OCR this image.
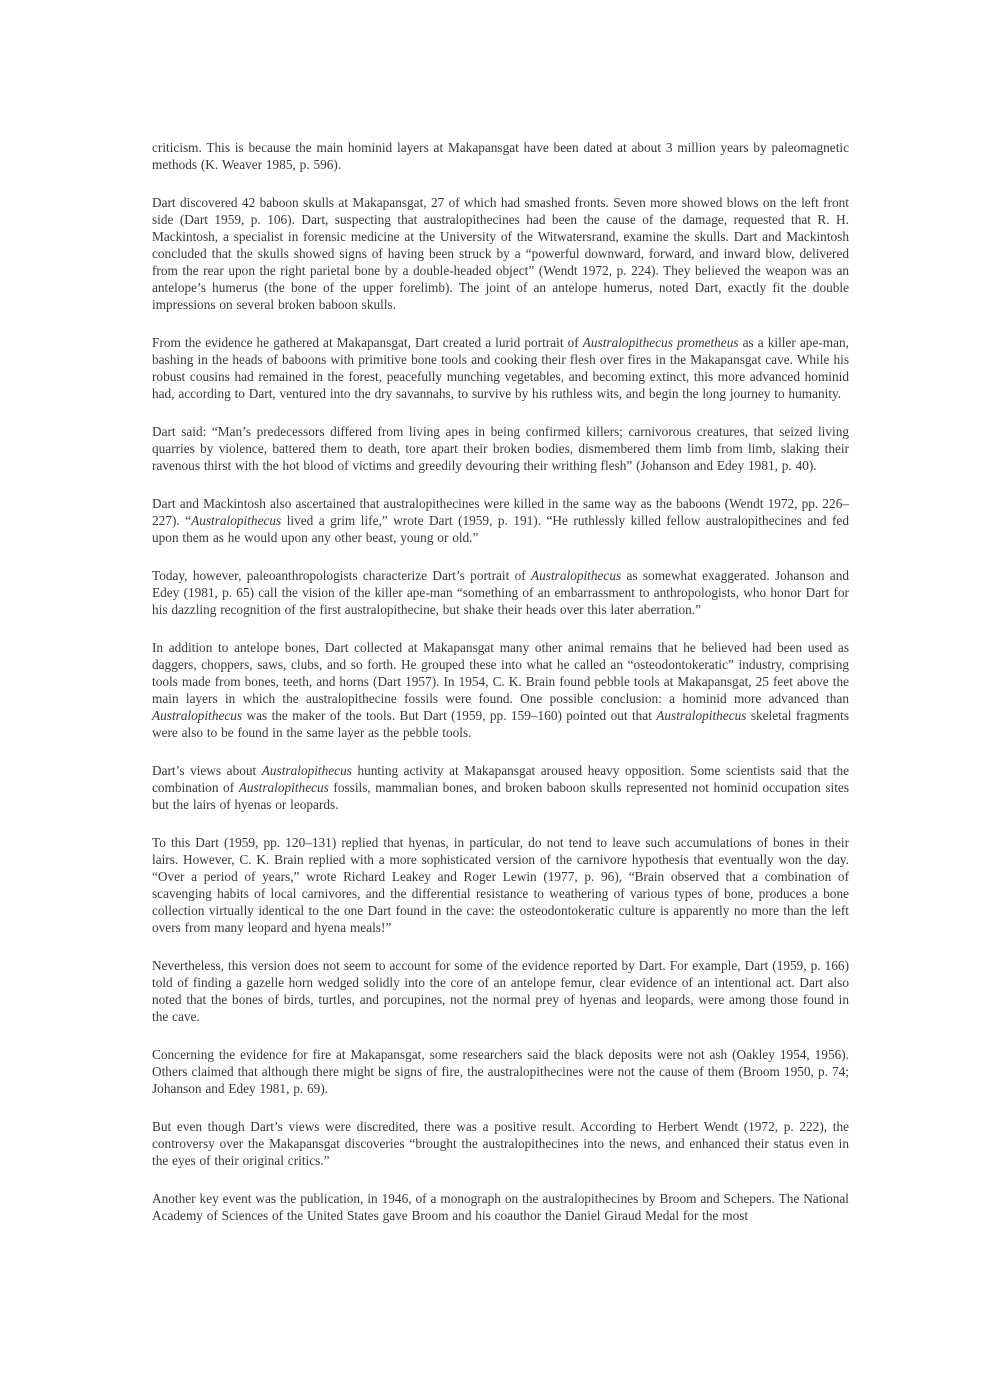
criticism. This is because the main hominid layers at Makapansgat have been dated at about 3 million years by paleomagnetic methods (K. Weaver 1985, p. 596).

Dart discovered 42 baboon skulls at Makapansgat, 27 of which had smashed fronts. Seven more showed blows on the left front side (Dart 1959, p. 106). Dart, suspecting that australopithecines had been the cause of the damage, requested that R. H. Mackintosh, a specialist in forensic medicine at the University of the Witwatersrand, examine the skulls. Dart and Mackintosh concluded that the skulls showed signs of having been struck by a “powerful downward, forward, and inward blow, delivered from the rear upon the right parietal bone by a double-headed object” (Wendt 1972, p. 224). They believed the weapon was an antelope’s humerus (the bone of the upper forelimb). The joint of an antelope humerus, noted Dart, exactly fit the double impressions on several broken baboon skulls.

From the evidence he gathered at Makapansgat, Dart created a lurid portrait of Australopithecus prometheus as a killer ape-man, bashing in the heads of baboons with primitive bone tools and cooking their flesh over fires in the Makapansgat cave. While his robust cousins had remained in the forest, peacefully munching vegetables, and becoming extinct, this more advanced hominid had, according to Dart, ventured into the dry savannahs, to survive by his ruthless wits, and begin the long journey to humanity.

Dart said: “Man’s predecessors differed from living apes in being confirmed killers; carnivorous creatures, that seized living quarries by violence, battered them to death, tore apart their broken bodies, dismembered them limb from limb, slaking their ravenous thirst with the hot blood of victims and greedily devouring their writhing flesh” (Johanson and Edey 1981, p. 40).

Dart and Mackintosh also ascertained that australopithecines were killed in the same way as the baboons (Wendt 1972, pp. 226–227). “Australopithecus lived a grim life,” wrote Dart (1959, p. 191). “He ruthlessly killed fellow australopithecines and fed upon them as he would upon any other beast, young or old.”

Today, however, paleoanthropologists characterize Dart’s portrait of Australopithecus as somewhat exaggerated. Johanson and Edey (1981, p. 65) call the vision of the killer ape-man “something of an embarrassment to anthropologists, who honor Dart for his dazzling recognition of the first australopithecine, but shake their heads over this later aberration.”

In addition to antelope bones, Dart collected at Makapansgat many other animal remains that he believed had been used as daggers, choppers, saws, clubs, and so forth. He grouped these into what he called an “osteodontokeratic” industry, comprising tools made from bones, teeth, and horns (Dart 1957). In 1954, C. K. Brain found pebble tools at Makapansgat, 25 feet above the main layers in which the australopithecine fossils were found. One possible conclusion: a hominid more advanced than Australopithecus was the maker of the tools. But Dart (1959, pp. 159–160) pointed out that Australopithecus skeletal fragments were also to be found in the same layer as the pebble tools.

Dart’s views about Australopithecus hunting activity at Makapansgat aroused heavy opposition. Some scientists said that the combination of Australopithecus fossils, mammalian bones, and broken baboon skulls represented not hominid occupation sites but the lairs of hyenas or leopards.

To this Dart (1959, pp. 120–131) replied that hyenas, in particular, do not tend to leave such accumulations of bones in their lairs. However, C. K. Brain replied with a more sophisticated version of the carnivore hypothesis that eventually won the day. “Over a period of years,” wrote Richard Leakey and Roger Lewin (1977, p. 96), “Brain observed that a combination of scavenging habits of local carnivores, and the differential resistance to weathering of various types of bone, produces a bone collection virtually identical to the one Dart found in the cave: the osteodontokeratic culture is apparently no more than the left overs from many leopard and hyena meals!”

Nevertheless, this version does not seem to account for some of the evidence reported by Dart. For example, Dart (1959, p. 166) told of finding a gazelle horn wedged solidly into the core of an antelope femur, clear evidence of an intentional act. Dart also noted that the bones of birds, turtles, and porcupines, not the normal prey of hyenas and leopards, were among those found in the cave.

Concerning the evidence for fire at Makapansgat, some researchers said the black deposits were not ash (Oakley 1954, 1956). Others claimed that although there might be signs of fire, the australopithecines were not the cause of them (Broom 1950, p. 74; Johanson and Edey 1981, p. 69).

But even though Dart’s views were discredited, there was a positive result. According to Herbert Wendt (1972, p. 222), the controversy over the Makapansgat discoveries “brought the australopithecines into the news, and enhanced their status even in the eyes of their original critics.”

Another key event was the publication, in 1946, of a monograph on the australopithecines by Broom and Schepers. The National Academy of Sciences of the United States gave Broom and his coauthor the Daniel Giraud Medal for the most
